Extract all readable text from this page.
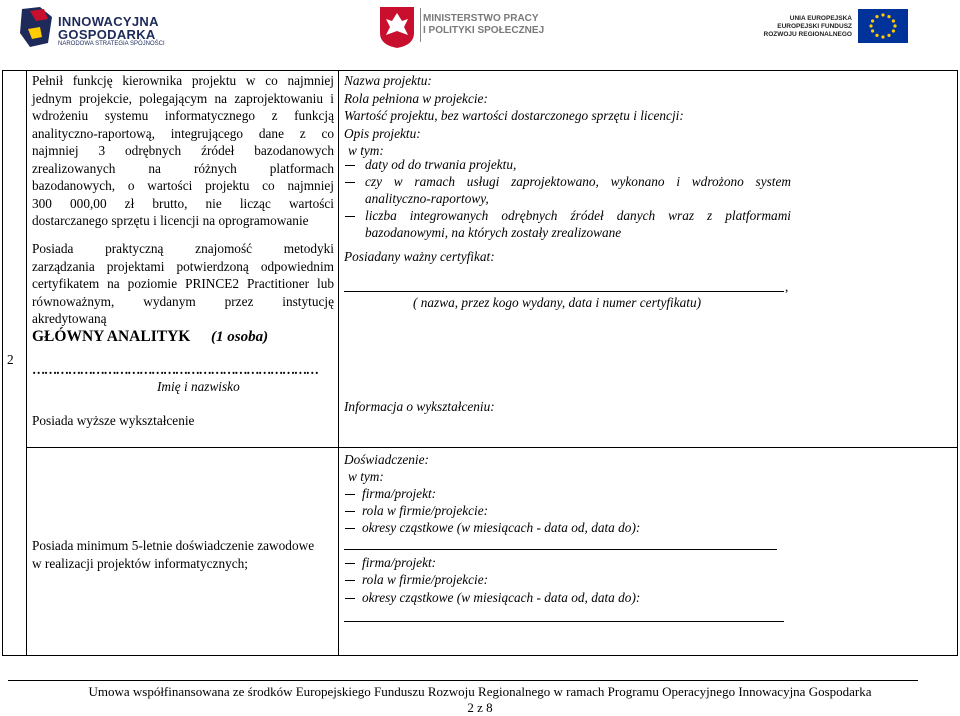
INNOWACYJNA
GOSPODARKA
NARODOWA STRATEGIA SPÓJNOŚCI
MINISTERSTWO PRACY
I POLITYKI SPOŁECZNEJ
UNIA EUROPEJSKA
EUROPEJSKI FUNDUSZ
ROZWOJU REGIONALNEGO
2
Pełnił funkcję kierownika projektu w co najmniej
jednym projekcie, polegającym na zaprojektowaniu i
wdrożeniu systemu informatycznego z funkcją
analityczno-raportową, integrującego dane z co
najmniej 3 odrębnych źródeł bazodanowych
zrealizowanych na różnych platformach
bazodanowych, o wartości projektu co najmniej
300 000,00 zł brutto, nie licząc wartości
dostarczanego sprzętu i licencji na oprogramowanie
Posiada praktyczną znajomość metodyki
zarządzania projektami potwierdzoną odpowiednim
certyfikatem na poziomie PRINCE2 Practitioner lub
równoważnym, wydanym przez instytucję
akredytowaną
Nazwa projektu:
Rola pełniona w projekcie:
Wartość projektu, bez wartości dostarczonego sprzętu i licencji:
Opis projektu:
w tym:
daty od do trwania projektu,
czy w ramach usługi zaprojektowano, wykonano i wdrożono system
analityczno-raportowy,
liczba integrowanych odrębnych źródeł danych wraz z platformami
bazodanowymi, na których zostały zrealizowane
Posiadany ważny certyfikat:
,
( nazwa, przez kogo wydany, data i numer certyfikatu)
GŁÓWNY ANALITYK (1 osoba)
………………………………………………………………
Imię i nazwisko
Posiada wyższe wykształcenie
Informacja o wykształceniu:
Posiada minimum 5-letnie doświadczenie zawodowe
w realizacji projektów informatycznych;
Doświadczenie:
w tym:
firma/projekt:
rola w firmie/projekcie:
okresy cząstkowe (w miesiącach - data od, data do):
firma/projekt:
rola w firmie/projekcie:
okresy cząstkowe (w miesiącach - data od, data do):
Umowa współfinansowana ze środków Europejskiego Funduszu Rozwoju Regionalnego w ramach Programu Operacyjnego Innowacyjna Gospodarka
2 z 8
